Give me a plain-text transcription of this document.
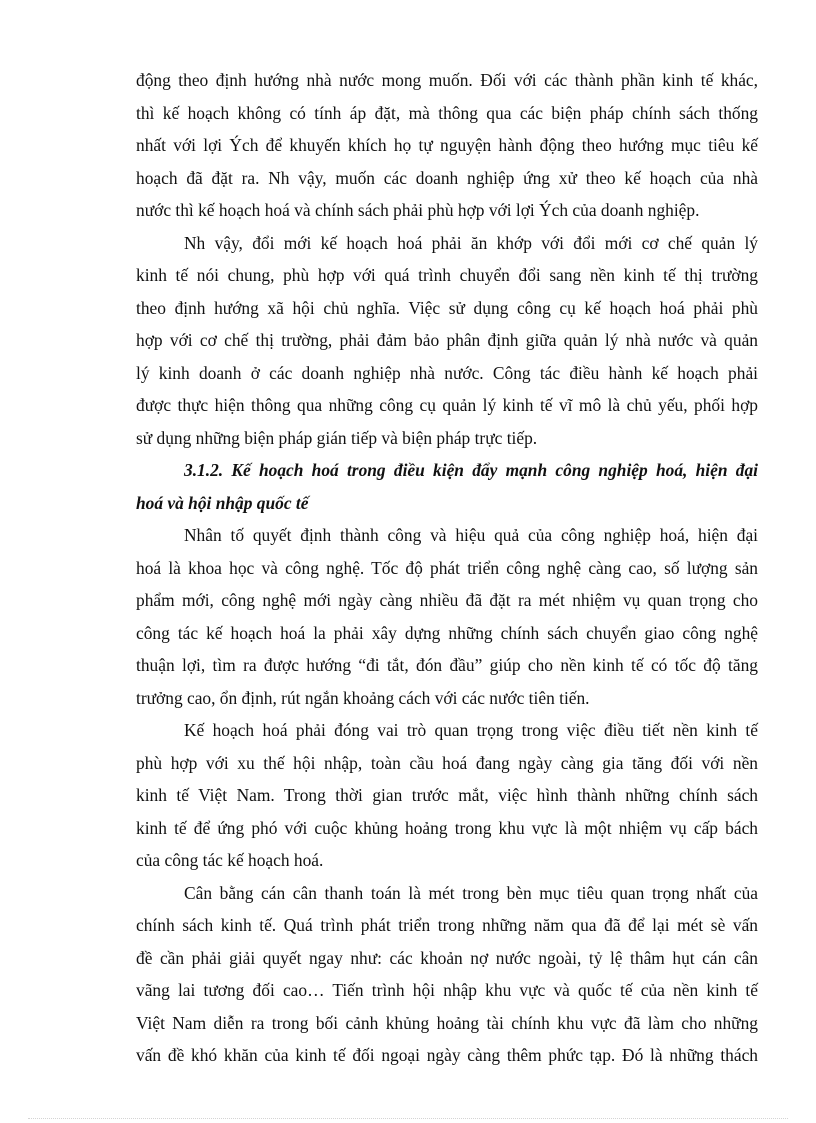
động theo định hướng nhà nước mong muốn. Đối với các thành phần kinh tế khác,
thì kế hoạch không có tính áp đặt, mà thông qua các biện pháp chính sách thống
nhất với lợi Ých để khuyến khích họ tự nguyện hành động theo hướng mục tiêu kế
hoạch đã đặt ra. Nh vậy, muốn các doanh nghiệp ứng xử theo kế hoạch của nhà
nước thì kế hoạch hoá và chính sách phải phù hợp với lợi Ých của doanh nghiệp.
Nh vậy, đổi mới kế hoạch hoá phải ăn khớp với đổi mới cơ chế quản lý
kinh tế nói chung, phù hợp với quá trình chuyển đổi sang nền kinh tế thị trường
theo định hướng xã hội chủ nghĩa. Việc sử dụng công cụ kế hoạch hoá phải phù
hợp với cơ chế thị trường, phải đảm bảo phân định giữa quản lý nhà nước và quản
lý kinh doanh ở các doanh nghiệp nhà nước. Công tác điều hành kế hoạch phải
được thực hiện thông qua những công cụ quản lý kinh tế vĩ mô là chủ yếu, phối hợp
sử dụng những biện pháp gián tiếp và biện pháp trực tiếp.
3.1.2. Kế hoạch hoá trong điều kiện đẩy mạnh công nghiệp hoá, hiện đại
hoá và hội nhập quốc tế
Nhân tố quyết định thành công và hiệu quả của công nghiệp hoá, hiện đại
hoá là khoa học và công nghệ. Tốc độ phát triển công nghệ càng cao, số lượng sản
phẩm mới, công nghệ mới ngày càng nhiều đã đặt ra mét nhiệm vụ quan trọng cho
công tác kế hoạch hoá la phải xây dựng những chính sách chuyển giao công nghệ
thuận lợi, tìm ra được hướng “đi tắt, đón đầu” giúp cho nền kinh tế có tốc độ tăng
trưởng cao, ổn định, rút ngắn khoảng cách với các nước tiên tiến.
Kế hoạch hoá phải đóng vai trò quan trọng trong việc điều tiết nền kinh tế
phù hợp với xu thế hội nhập, toàn cầu hoá đang ngày càng gia tăng đối với nền
kinh tế Việt Nam. Trong thời gian trước mắt, việc hình thành những chính sách
kinh tế để ứng phó với cuộc khủng hoảng trong khu vực là một nhiệm vụ cấp bách
của công tác kế hoạch hoá.
Cân bằng cán cân thanh toán là mét trong bèn mục tiêu quan trọng nhất của
chính sách kinh tế. Quá trình phát triển trong những năm qua đã để lại mét sè vấn
đề cần phải giải quyết ngay như: các khoản nợ nước ngoài, tỷ lệ thâm hụt cán cân
vãng lai tương đối cao… Tiến trình hội nhập khu vực và quốc tế của nền kinh tế
Việt Nam diễn ra trong bối cảnh khủng hoảng tài chính khu vực đã làm cho những
vấn đề khó khăn của kinh tế đối ngoại ngày càng thêm phức tạp. Đó là những thách
